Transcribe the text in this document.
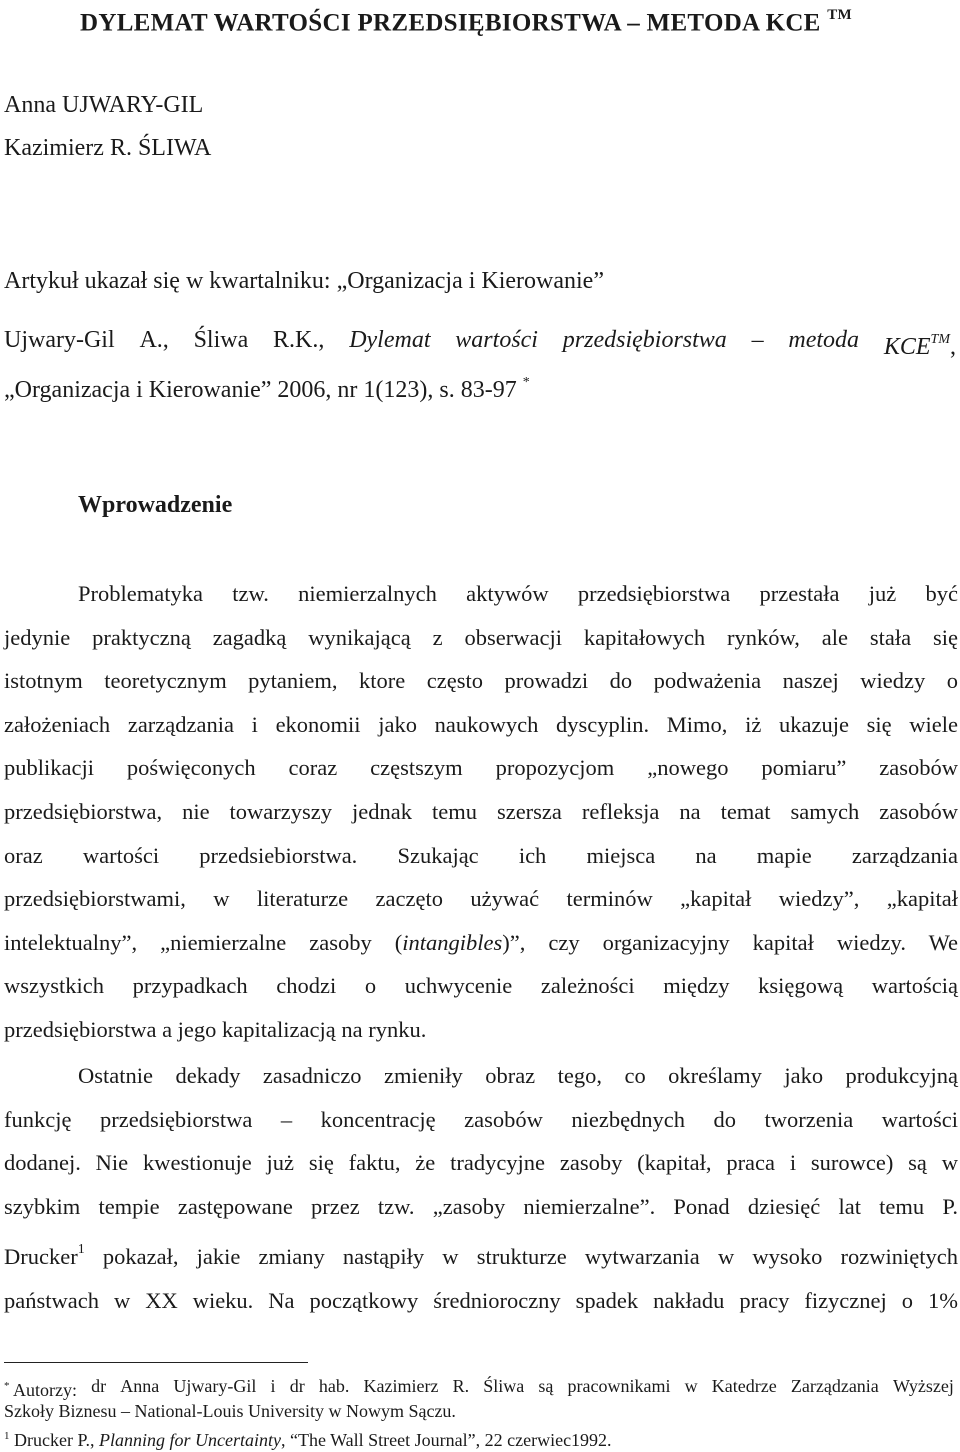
DYLEMAT WARTOŚCI PRZEDSIĘBIORSTWA – METODA KCE ™
Anna UJWARY-GIL
Kazimierz R. ŚLIWA
Artykuł ukazał się w kwartalniku: „Organizacja i Kierowanie”
Ujwary-Gil A., Śliwa R.K., Dylemat wartości przedsiębiorstwa – metoda KCE™,
„Organizacja i Kierowanie” 2006, nr 1(123), s. 83-97 *
Wprowadzenie
Problematyka tzw. niemierzalnych aktywów przedsiębiorstwa przestała już być
jedynie praktyczną zagadką wynikającą z obserwacji kapitałowych rynków, ale stała się
istotnym teoretycznym pytaniem, ktore często prowadzi do podważenia naszej wiedzy o
założeniach zarządzania i ekonomii jako naukowych dyscyplin. Mimo, iż ukazuje się wiele
publikacji poświęconych coraz częstszym propozycjom „nowego pomiaru” zasobów
przedsiębiorstwa, nie towarzyszy jednak temu szersza refleksja na temat samych zasobów
oraz wartości przedsiebiorstwa. Szukając ich miejsca na mapie zarządzania
przedsiębiorstwami, w literaturze zaczęto używać terminów „kapitał wiedzy”, „kapitał
intelektualny”, „niemierzalne zasoby (intangibles)”, czy organizacyjny kapitał wiedzy. We
wszystkich przypadkach chodzi o uchwycenie zależności między księgową wartością
przedsiębiorstwa a jego kapitalizacją na rynku.
Ostatnie dekady zasadniczo zmieniły obraz tego, co określamy jako produkcyjną
funkcję przedsiębiorstwa – koncentrację zasobów niezbędnych do tworzenia wartości
dodanej. Nie kwestionuje już się faktu, że tradycyjne zasoby (kapitał, praca i surowce) są w
szybkim tempie zastępowane przez tzw. „zasoby niemierzalne”. Ponad dziesięć lat temu P.
Drucker$^1$ pokazał, jakie zmiany nastąpiły w strukturze wytwarzania w wysoko rozwiniętych
państwach w XX wieku. Na początkowy średnioroczny spadek nakładu pracy fizycznej o 1%
* Autorzy: dr Anna Ujwary-Gil i dr hab. Kazimierz R. Śliwa są pracownikami w Katedrze Zarządzania Wyższej
Szkoły Biznesu – National-Louis University w Nowym Sączu.
$^1$ Drucker P., Planning for Uncertainty, “The Wall Street Journal”, 22 czerwiec1992.
